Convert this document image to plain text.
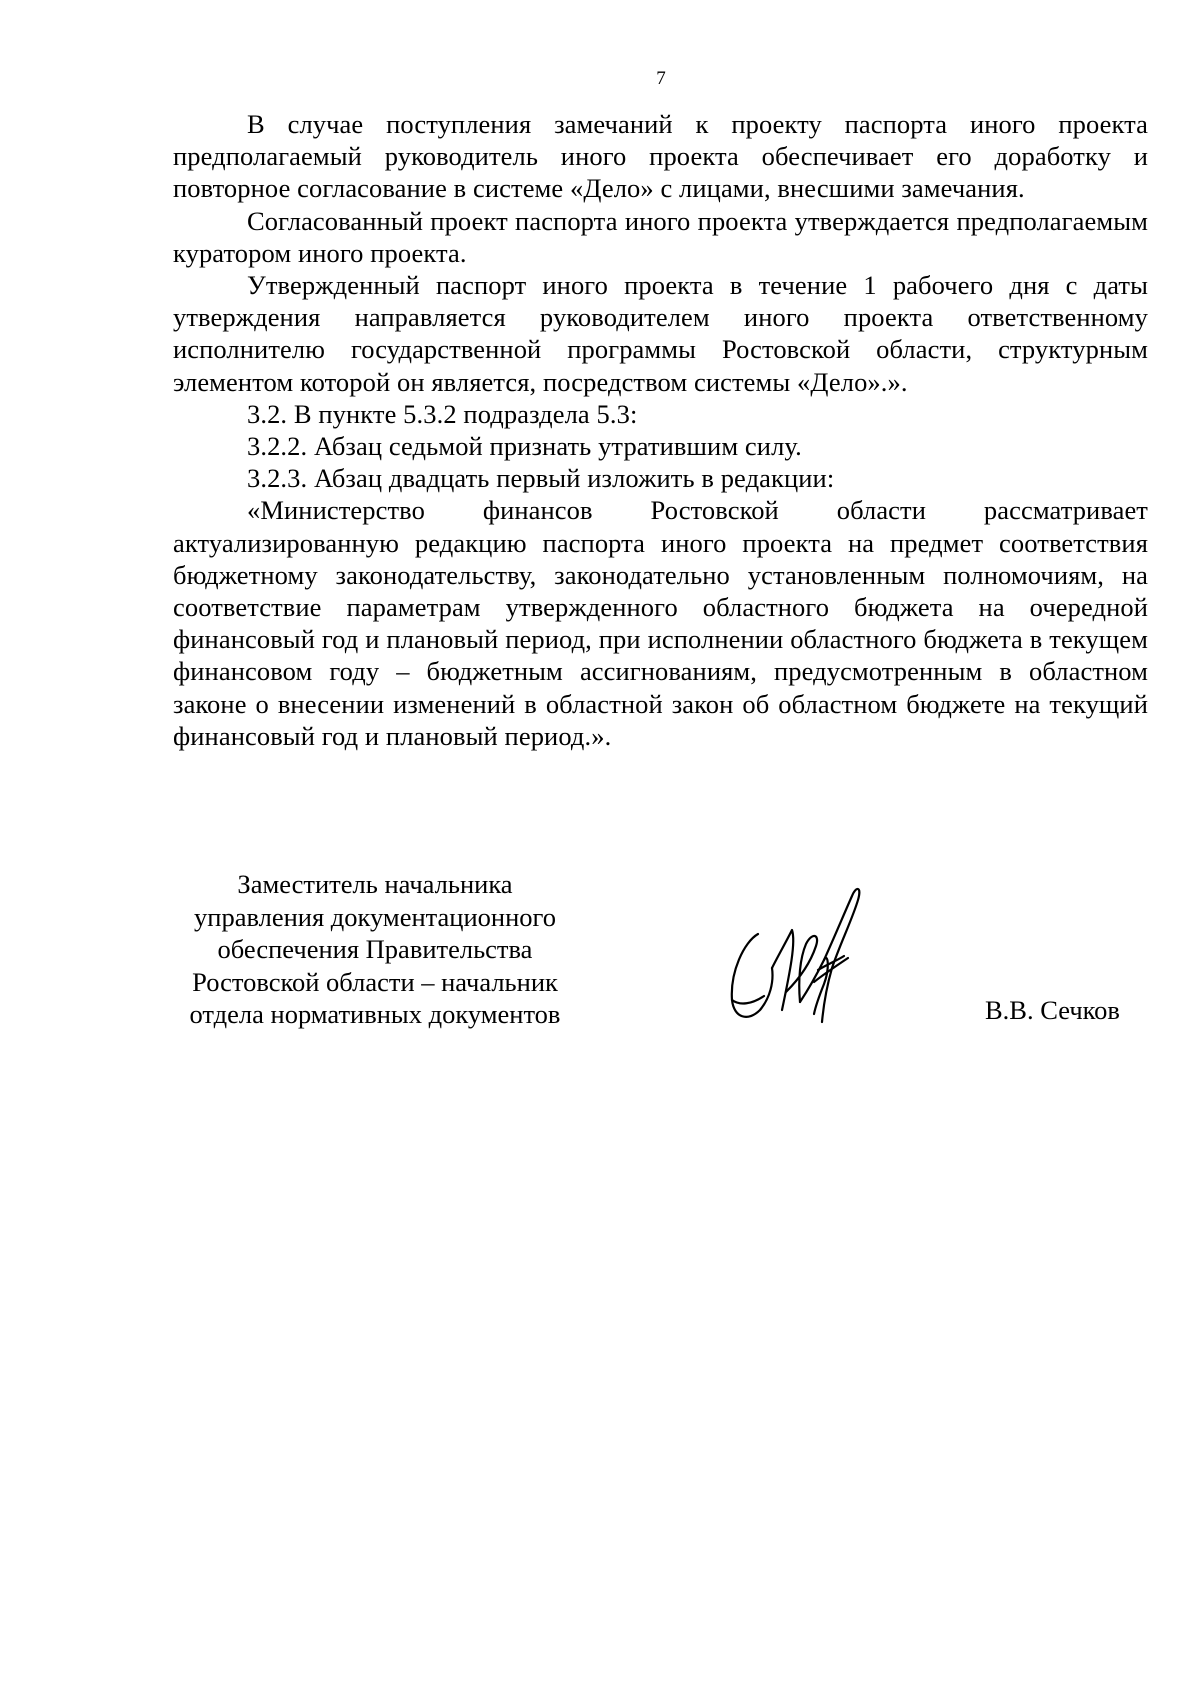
7

В случае поступления замечаний к проекту паспорта иного проекта предполагаемый руководитель иного проекта обеспечивает его доработку и повторное согласование в системе «Дело» с лицами, внесшими замечания.

Согласованный проект паспорта иного проекта утверждается предполагаемым куратором иного проекта.

Утвержденный паспорт иного проекта в течение 1 рабочего дня с даты утверждения направляется руководителем иного проекта ответственному исполнителю государственной программы Ростовской области, структурным элементом которой он является, посредством системы «Дело».».

3.2. В пункте 5.3.2 подраздела 5.3:

3.2.2. Абзац седьмой признать утратившим силу.

3.2.3. Абзац двадцать первый изложить в редакции:

«Министерство финансов Ростовской области рассматривает актуализированную редакцию паспорта иного проекта на предмет соответствия бюджетному законодательству, законодательно установленным полномочиям, на соответствие параметрам утвержденного областного бюджета на очередной финансовый год и плановый период, при исполнении областного бюджета в текущем финансовом году – бюджетным ассигнованиям, предусмотренным в областном законе о внесении изменений в областной закон об областном бюджете на текущий финансовый год и плановый период.».

Заместитель начальника
управления документационного
обеспечения Правительства
Ростовской области – начальник
отдела нормативных документов	В.В. Сечков
